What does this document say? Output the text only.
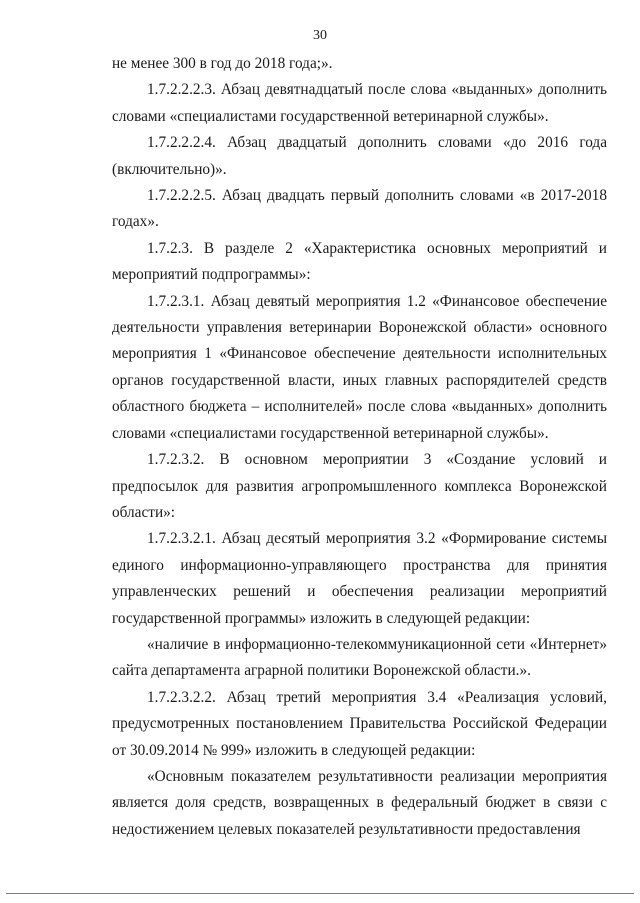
30

не менее 300 в год до 2018 года;».

1.7.2.2.2.3. Абзац девятнадцатый после слова «выданных» дополнить словами «специалистами государственной ветеринарной службы».

1.7.2.2.2.4. Абзац двадцатый дополнить словами «до 2016 года (включительно)».

1.7.2.2.2.5. Абзац двадцать первый дополнить словами «в 2017-2018 годах».

1.7.2.3. В разделе 2 «Характеристика основных мероприятий и мероприятий подпрограммы»:

1.7.2.3.1. Абзац девятый мероприятия 1.2 «Финансовое обеспечение деятельности управления ветеринарии Воронежской области» основного мероприятия 1 «Финансовое обеспечение деятельности исполнительных органов государственной власти, иных главных распорядителей средств областного бюджета – исполнителей» после слова «выданных» дополнить словами «специалистами государственной ветеринарной службы».

1.7.2.3.2. В основном мероприятии 3 «Создание условий и предпосылок для развития агропромышленного комплекса Воронежской области»:

1.7.2.3.2.1. Абзац десятый мероприятия 3.2 «Формирование системы единого информационно-управляющего пространства для принятия управленческих решений и обеспечения реализации мероприятий государственной программы» изложить в следующей редакции:

«наличие в информационно-телекоммуникационной сети «Интернет» сайта департамента аграрной политики Воронежской области.».

1.7.2.3.2.2. Абзац третий мероприятия 3.4 «Реализация условий, предусмотренных постановлением Правительства Российской Федерации от 30.09.2014 № 999» изложить в следующей редакции:

«Основным показателем результативности реализации мероприятия является доля средств, возвращенных в федеральный бюджет в связи с недостижением целевых показателей результативности предоставления
